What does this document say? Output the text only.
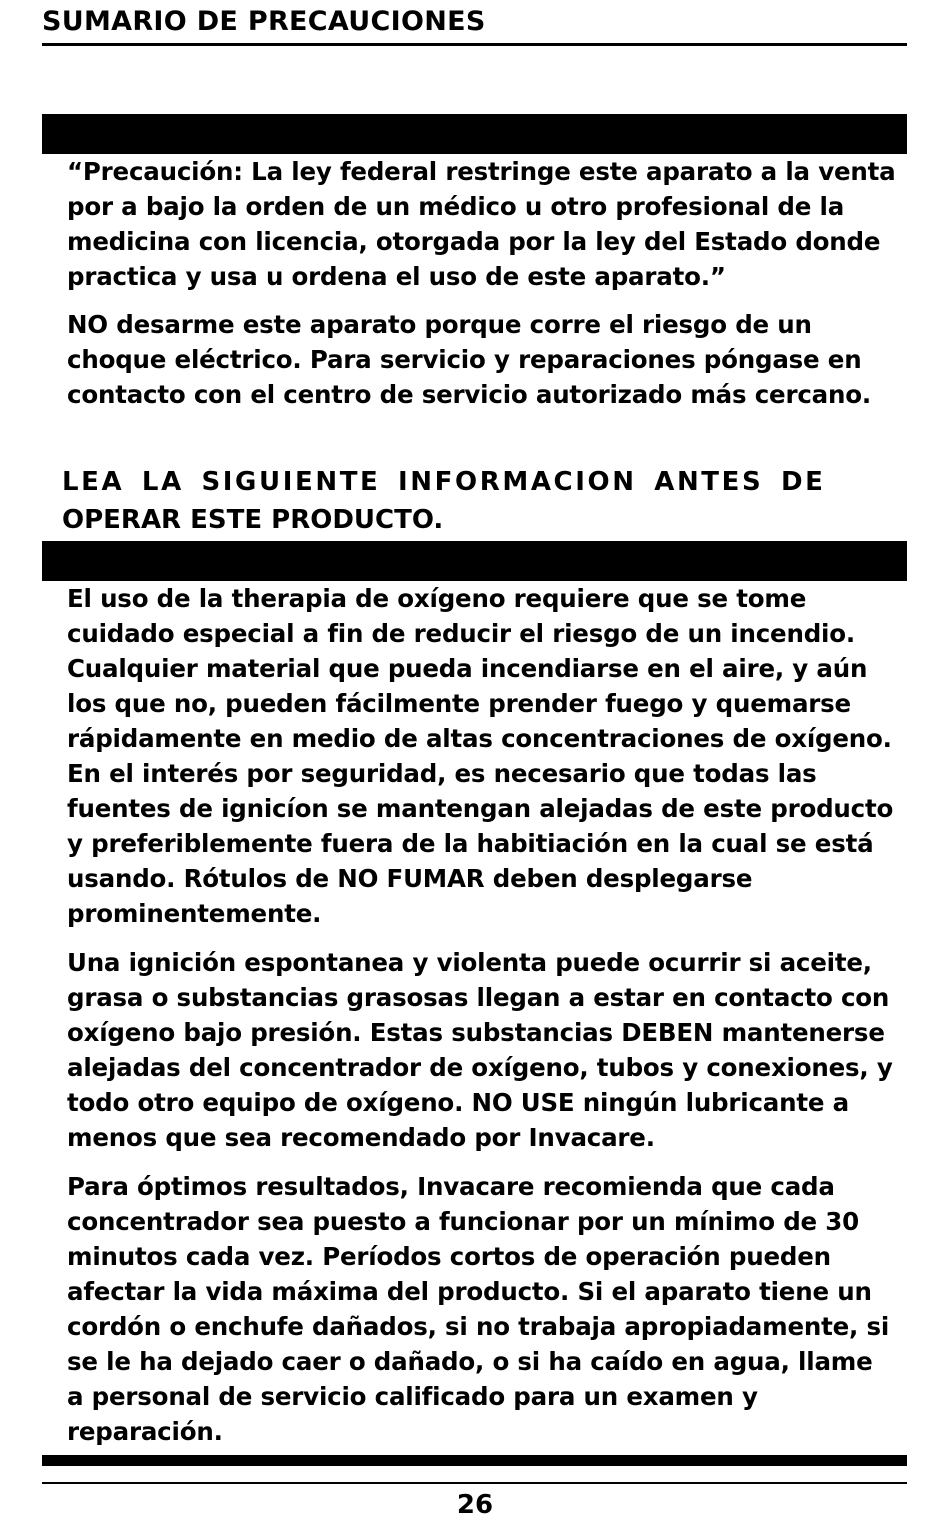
SUMARIO DE PRECAUCIONES

“Precaución: La ley federal restringe este aparato a la venta por a bajo la orden de un médico u otro profesional de la medicina con licencia, otorgada por la ley del Estado donde practica y usa u ordena el uso de este aparato.”

NO desarme este aparato porque corre el riesgo de un choque eléctrico. Para servicio y reparaciones póngase en contacto con el centro de servicio autorizado más cercano.

LEA LA SIGUIENTE INFORMACION ANTES DE
OPERAR ESTE PRODUCTO.

El uso de la therapia de oxígeno requiere que se tome cuidado especial a fin de reducir el riesgo de un incendio. Cualquier material que pueda incendiarse en el aire, y aún los que no, pueden fácilmente prender fuego y quemarse rápidamente en medio de altas concentraciones de oxígeno. En el interés por seguridad, es necesario que todas las fuentes de ignicíon se mantengan alejadas de este producto y preferiblemente fuera de la habitiación en la cual se está usando. Rótulos de NO FUMAR deben desplegarse prominentemente.

Una ignición espontanea y violenta puede ocurrir si aceite, grasa o substancias grasosas llegan a estar en contacto con oxígeno bajo presión. Estas substancias DEBEN mantenerse alejadas del concentrador de oxígeno, tubos y conexiones, y todo otro equipo de oxígeno. NO USE ningún lubricante a menos que sea recomendado por Invacare.

Para óptimos resultados, Invacare recomienda que cada concentrador sea puesto a funcionar por un mínimo de 30 minutos cada vez. Períodos cortos de operación pueden afectar la vida máxima del producto. Si el aparato tiene un cordón o enchufe dañados, si no trabaja apropiadamente, si se le ha dejado caer o dañado, o si ha caído en agua, llame a personal de servicio calificado para un examen y reparación.

26
